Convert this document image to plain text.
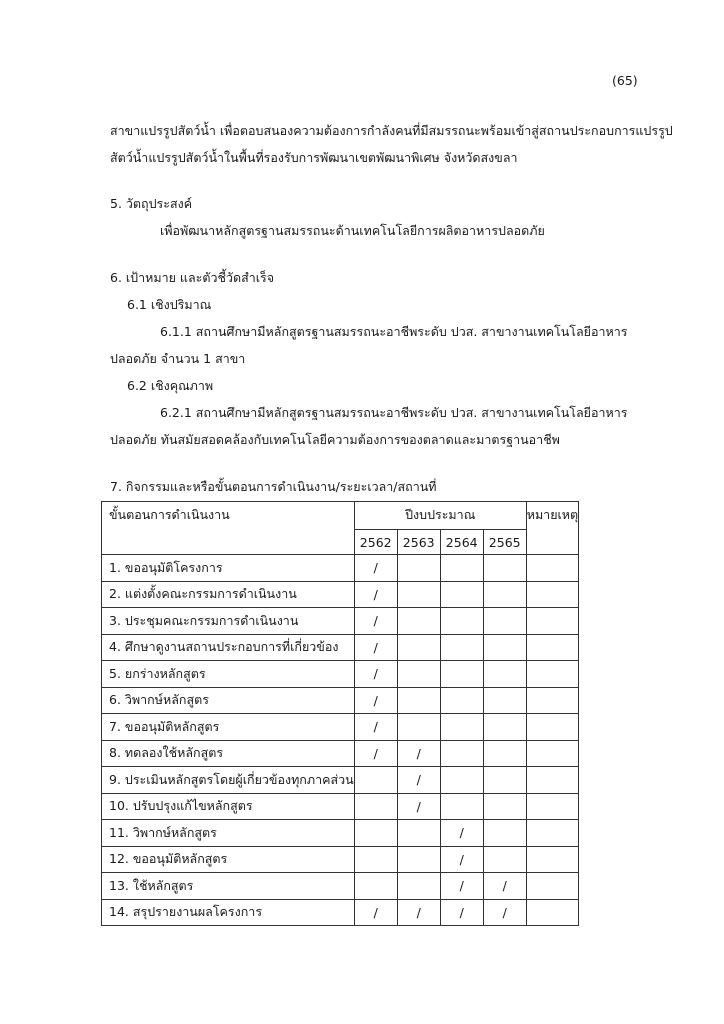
(65)
สาขาแปรรูปสัตว์น้ำ เพื่อตอบสนองความต้องการกำลังคนที่มีสมรรถนะพร้อมเข้าสู่สถานประกอบการแปรรูป
สัตว์น้ำแปรรูปสัตว์น้ำในพื้นที่รองรับการพัฒนาเขตพัฒนาพิเศษ จังหวัดสงขลา
5. วัตถุประสงค์
เพื่อพัฒนาหลักสูตรฐานสมรรถนะด้านเทคโนโลยีการผลิตอาหารปลอดภัย
6. เป้าหมาย และตัวชี้วัดสำเร็จ
6.1 เชิงปริมาณ
6.1.1 สถานศึกษามีหลักสูตรฐานสมรรถนะอาชีพระดับ ปวส. สาขางานเทคโนโลยีอาหาร
ปลอดภัย จำนวน 1 สาขา
6.2 เชิงคุณภาพ
6.2.1 สถานศึกษามีหลักสูตรฐานสมรรถนะอาชีพระดับ ปวส. สาขางานเทคโนโลยีอาหาร
ปลอดภัย ทันสมัยสอดคล้องกับเทคโนโลยีความต้องการของตลาดและมาตรฐานอาชีพ
7. กิจกรรมและหรือขั้นตอนการดำเนินงาน/ระยะเวลา/สถานที่
ขั้นตอนการดำเนินงาน	ปีงบประมาณ				หมายเหตุ
	2562	2563	2564	2565	
1. ขออนุมัติโครงการ	/				
2. แต่งตั้งคณะกรรมการดำเนินงาน	/				
3. ประชุมคณะกรรมการดำเนินงาน	/				
4. ศึกษาดูงานสถานประกอบการที่เกี่ยวข้อง	/				
5. ยกร่างหลักสูตร	/				
6. วิพากษ์หลักสูตร	/				
7. ขออนุมัติหลักสูตร	/				
8. ทดลองใช้หลักสูตร	/	/			
9. ประเมินหลักสูตรโดยผู้เกี่ยวข้องทุกภาคส่วน		/			
10. ปรับปรุงแก้ไขหลักสูตร		/			
11. วิพากษ์หลักสูตร			/		
12. ขออนุมัติหลักสูตร			/		
13. ใช้หลักสูตร			/	/	
14. สรุปรายงานผลโครงการ	/	/	/	/	
